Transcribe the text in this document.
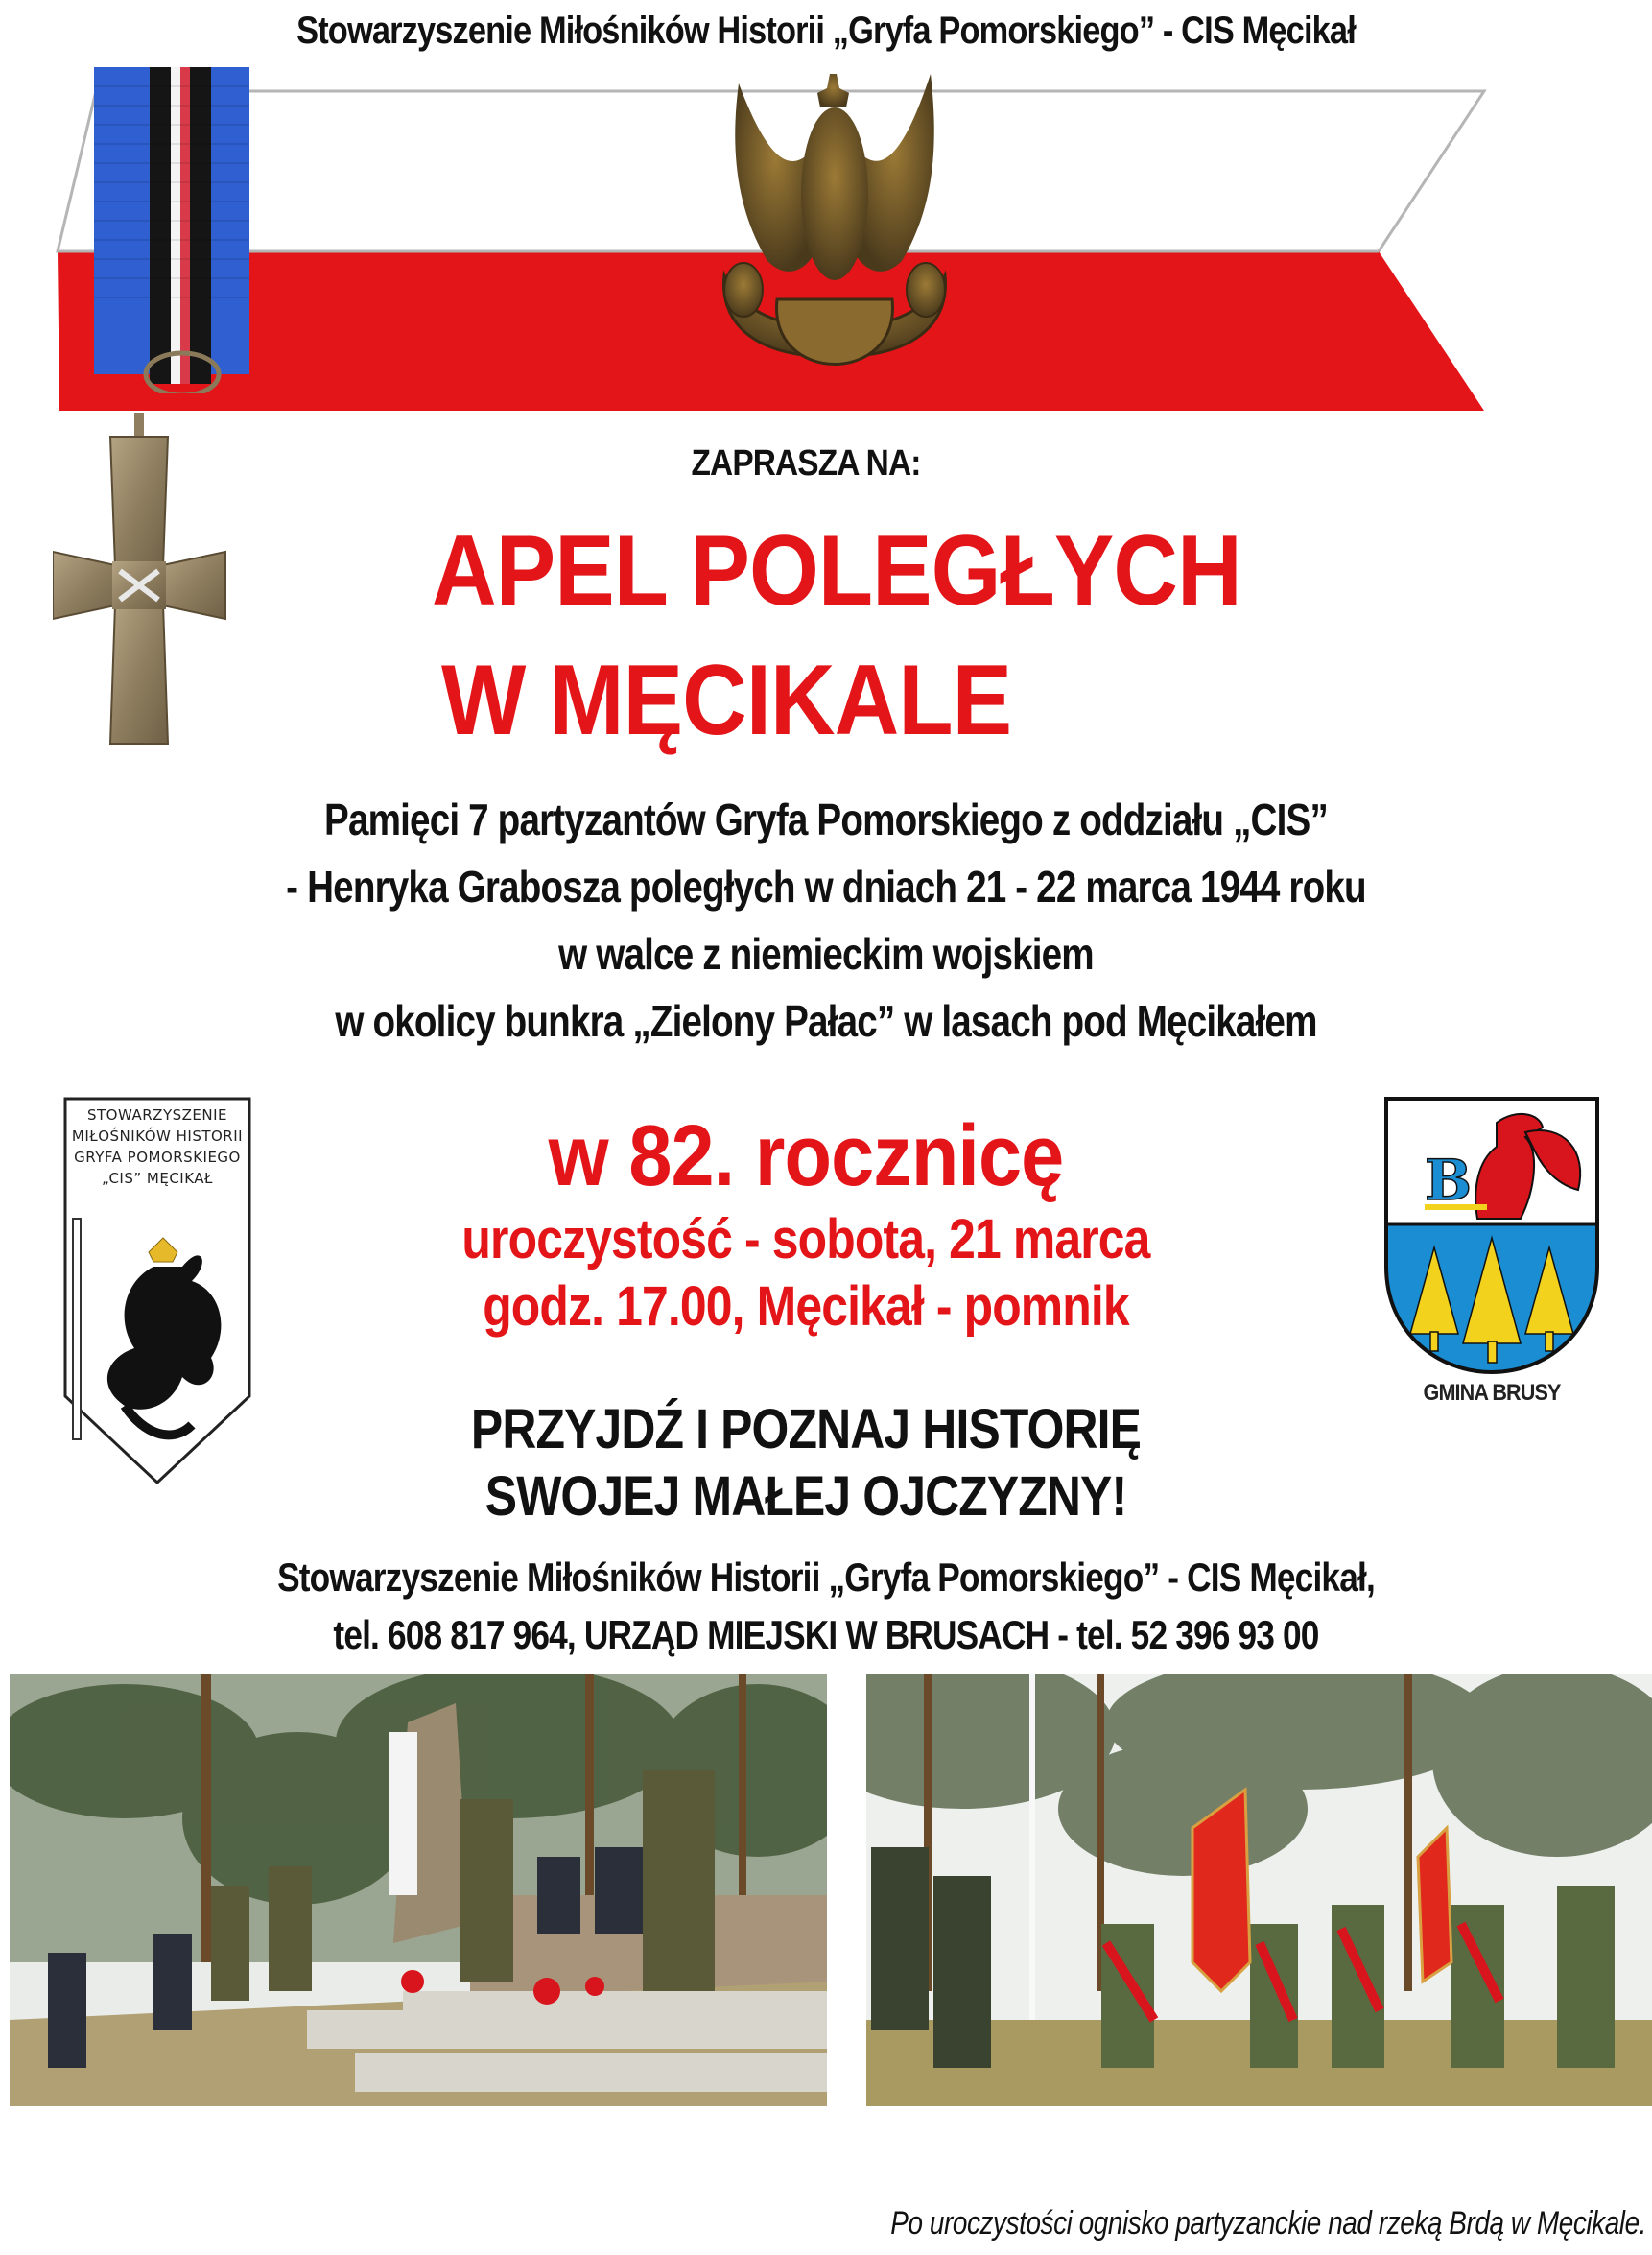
Stowarzyszenie Miłośników Historii „Gryfa Pomorskiego” - CIS Męcikał
ZAPRASZA NA:
APEL POLEGŁYCH
W MĘCIKALE
Pamięci 7 partyzantów Gryfa Pomorskiego z oddziału „CIS”
- Henryka Grabosza poległych w dniach 21 - 22 marca 1944 roku
w walce z niemieckim wojskiem
w okolicy bunkra „Zielony Pałac” w lasach pod Męcikałem
STOWARZYSZENIE
MIŁOŚNIKÓW HISTORII
GRYFA POMORSKIEGO
„CIS” MĘCIKAŁ	w 82. rocznicę
uroczystość - sobota, 21 marca
godz. 17.00, Męcikał - pomnik
B
GMINA BRUSY
PRZYJDŹ I POZNAJ HISTORIĘ
SWOJEJ MAŁEJ OJCZYZNY!
Stowarzyszenie Miłośników Historii „Gryfa Pomorskiego” - CIS Męcikał,
tel. 608 817 964, URZĄD MIEJSKI W BRUSACH - tel. 52 396 93 00
Po uroczystości ognisko partyzanckie nad rzeką Brdą w Męcikale.
